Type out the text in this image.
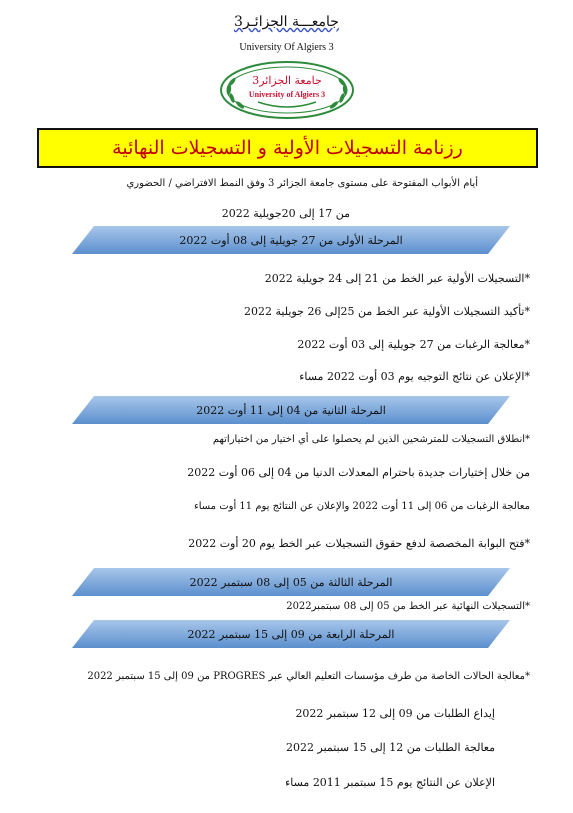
جامعـــة الجزائـر3
University Of Algiers 3
جامعة الجزائر3
University of Algiers 3
رزنامة التسجيلات الأولية و التسجيلات النهائية
أيام الأبواب المفتوحة على مستوى جامعة الجزائر 3 وفق النمط الافتراضي / الحضوري
من 17 إلى 20جويلية 2022
المرحلة الأولى من 27 جويلية إلى 08 أوت 2022
*التسجيلات الأولية عبر الخط من 21 إلى 24 جويلية 2022
*تأكيد التسجيلات الأولية عبر الخط من 25إلى 26 جويلية 2022
*معالجة الرغبات من 27 جويلية إلى 03 أوت 2022
*الإعلان عن نتائج التوجيه يوم 03 أوت 2022 مساء
المرحلة الثانية من 04 إلى 11 أوت 2022
*انطلاق التسجيلات للمترشحين الذين لم يحصلوا على أي اختيار من اختياراتهم
من خلال إختيارات جديدة باحترام المعدلات الدنيا من 04 إلى 06 أوت 2022
معالجة الرغبات من 06 إلى 11 أوت 2022 والإعلان عن النتائج يوم 11 أوت مساء
*فتح البوابة المخصصة لدفع حقوق التسجيلات عبر الخط يوم 20 أوت 2022
المرحلة الثالثة من 05 إلى 08 سبتمبر 2022
*التسجيلات النهائية عبر الخط من 05 إلى 08 سبتمبر2022
المرحلة الرابعة من 09 إلى 15 سبتمبر 2022
*معالجة الحالات الخاصة من طرف مؤسسات التعليم العالي عبر PROGRES من 09 إلى 15 سبتمبر 2022
إيداع الطلبات من 09 إلى 12 سبتمبر 2022
معالجة الطلبات من 12 إلى 15 سبتمبر 2022
الإعلان عن النتائج يوم 15 سبتمبر 2011 مساء
